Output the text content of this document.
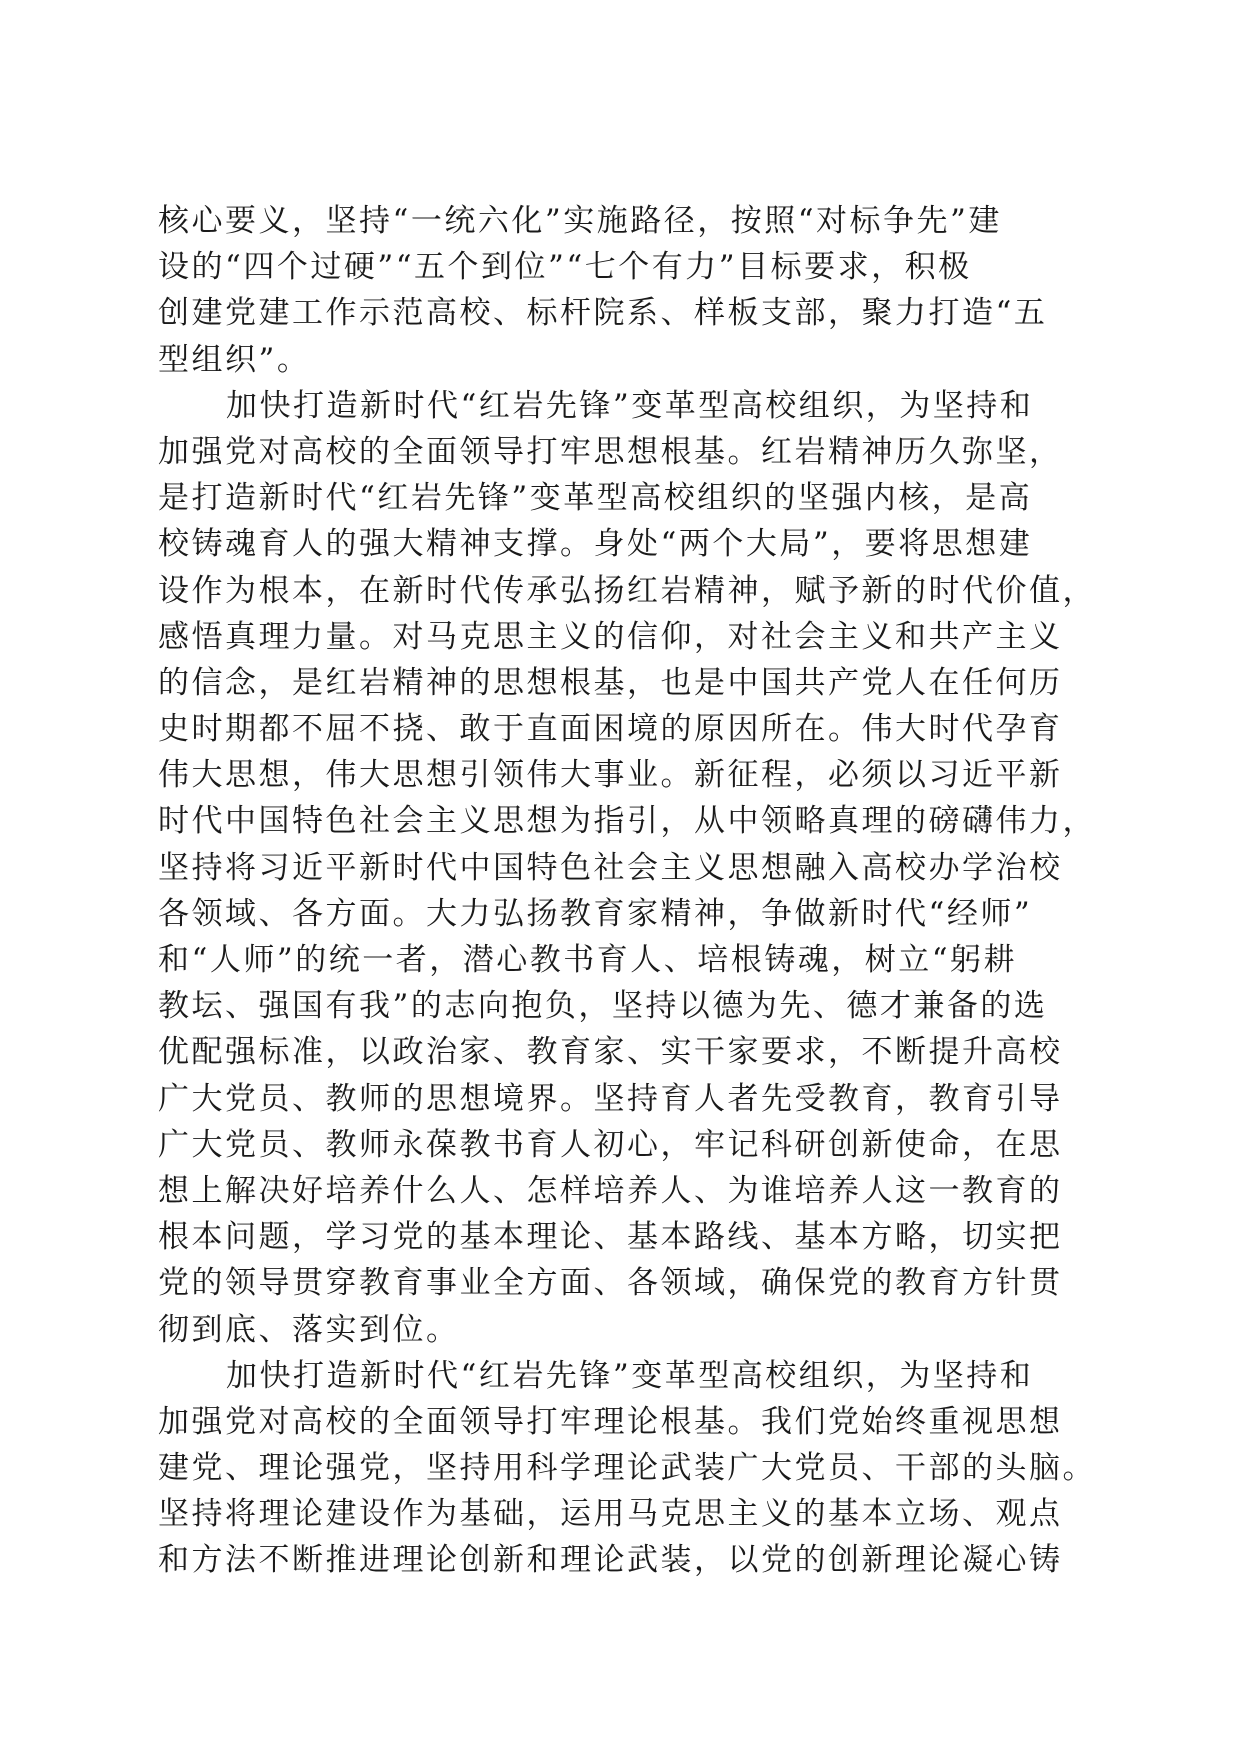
核心要义，坚持“一统六化”实施路径，按照“对标争先”建
设的“四个过硬”“五个到位”“七个有力”目标要求，积极
创建党建工作示范高校、标杆院系、样板支部，聚力打造“五
型组织”。
加快打造新时代“红岩先锋”变革型高校组织，为坚持和
加强党对高校的全面领导打牢思想根基。红岩精神历久弥坚，
是打造新时代“红岩先锋”变革型高校组织的坚强内核，是高
校铸魂育人的强大精神支撑。身处“两个大局”，要将思想建
设作为根本，在新时代传承弘扬红岩精神，赋予新的时代价值，
感悟真理力量。对马克思主义的信仰，对社会主义和共产主义
的信念，是红岩精神的思想根基，也是中国共产党人在任何历
史时期都不屈不挠、敢于直面困境的原因所在。伟大时代孕育
伟大思想，伟大思想引领伟大事业。新征程，必须以习近平新
时代中国特色社会主义思想为指引，从中领略真理的磅礴伟力，
坚持将习近平新时代中国特色社会主义思想融入高校办学治校
各领域、各方面。大力弘扬教育家精神，争做新时代“经师”
和“人师”的统一者，潜心教书育人、培根铸魂，树立“躬耕
教坛、强国有我”的志向抱负，坚持以德为先、德才兼备的选
优配强标准，以政治家、教育家、实干家要求，不断提升高校
广大党员、教师的思想境界。坚持育人者先受教育，教育引导
广大党员、教师永葆教书育人初心，牢记科研创新使命，在思
想上解决好培养什么人、怎样培养人、为谁培养人这一教育的
根本问题，学习党的基本理论、基本路线、基本方略，切实把
党的领导贯穿教育事业全方面、各领域，确保党的教育方针贯
彻到底、落实到位。
加快打造新时代“红岩先锋”变革型高校组织，为坚持和
加强党对高校的全面领导打牢理论根基。我们党始终重视思想
建党、理论强党，坚持用科学理论武装广大党员、干部的头脑。
坚持将理论建设作为基础，运用马克思主义的基本立场、观点
和方法不断推进理论创新和理论武装，以党的创新理论凝心铸
